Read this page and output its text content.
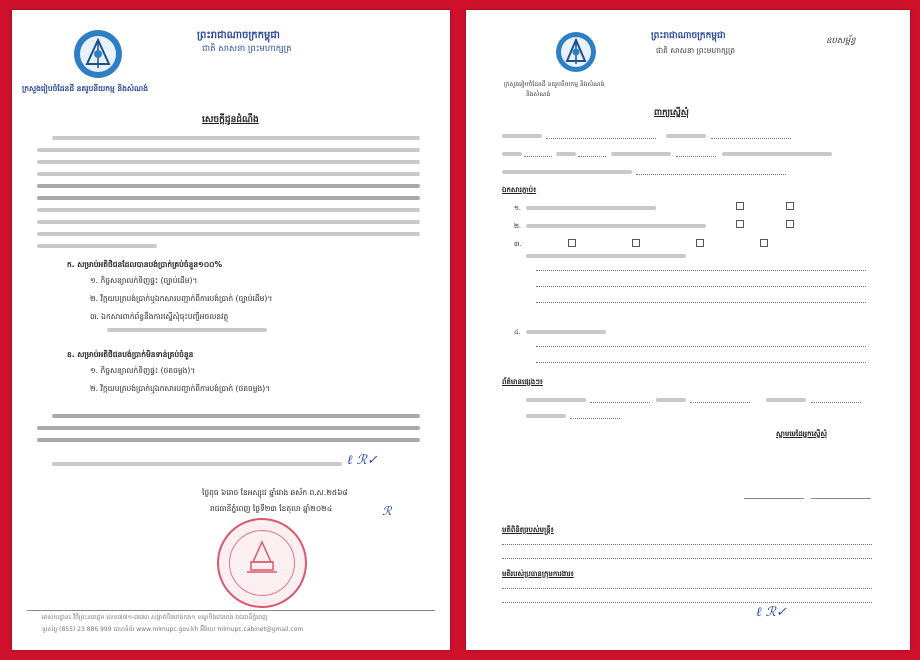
ព្រះរាជាណាចក្រកម្ពុជា
ជាតិ សាសនា ព្រះមហាក្សត្រ
ក្រសួងរៀបចំដែនដី នគរូបនីយកម្ម និងសំណង់
សេចក្តីជូនដំណឹង
ក. សម្រាប់អតិថិជនដែលបានបង់ប្រាក់គ្រប់ចំនួន១០០%
១. កិច្ចសន្យាលក់ទិញផ្ទះ (ច្បាប់ដើម)។
២. វិក្កយបត្របង់ប្រាក់ឬឯកសារបញ្ជាក់ពីការបង់ប្រាក់ (ច្បាប់ដើម)។
៣. ឯកសារពាក់ព័ន្ធនឹងការស្នើសុំចុះបញ្ជីអចលនវត្ថុ
ខ. សម្រាប់អតិថិជនបង់ប្រាក់មិនទាន់គ្រប់ចំនួន
១. កិច្ចសន្យាលក់ទិញផ្ទះ (ថតចម្លង)។
២. វិក្កយបត្របង់ប្រាក់ឬឯកសារបញ្ជាក់ពីការបង់ប្រាក់ (ថតចម្លង)។
ℓ ℛ✓
ថ្ងៃពុធ ៦រោច ខែអស្សុជ ឆ្នាំរោង ឆស័ក ព.ស.២៥៦៨
រាជធានីភ្នំពេញ ថ្ងៃទី២៣ ខែតុលា ឆ្នាំ២០២៤	ℛ
អាសយដ្ឋាន៖ វិថីព្រះនរោត្តម លេខ៧៧១-៧៧៣ សង្កាត់បឹងកេងកង១ ខណ្ឌបឹងកេងកង រាជធានីភ្នំពេញ
ទូរស័ព្ទ (855) 23 886 999 គេហទំព័រ www.mlmupc.gov.kh អ៊ីមែល mlmupc.cabinet@gmail.com
ព្រះរាជាណាចក្រកម្ពុជា
ជាតិ សាសនា ព្រះមហាក្សត្រ
ឧបសម្ព័ន្ធ
ក្រសួងរៀបចំដែនដី នគរូបនីយកម្ម និងសំណង់
និងសំណង់
ពាក្យស្នើសុំ
ឯកសារភ្ជាប់៖
១.

២.

៣.

៤.
ព័ត៌មានផ្សេងៗ៖
ស្នាមមេដៃអ្នកស្នើសុំ
មតិពិនិត្យរបស់មន្ត្រី៖
មតិរបស់ប្រធានក្រុមការងារ៖
ℓ ℛ✓
